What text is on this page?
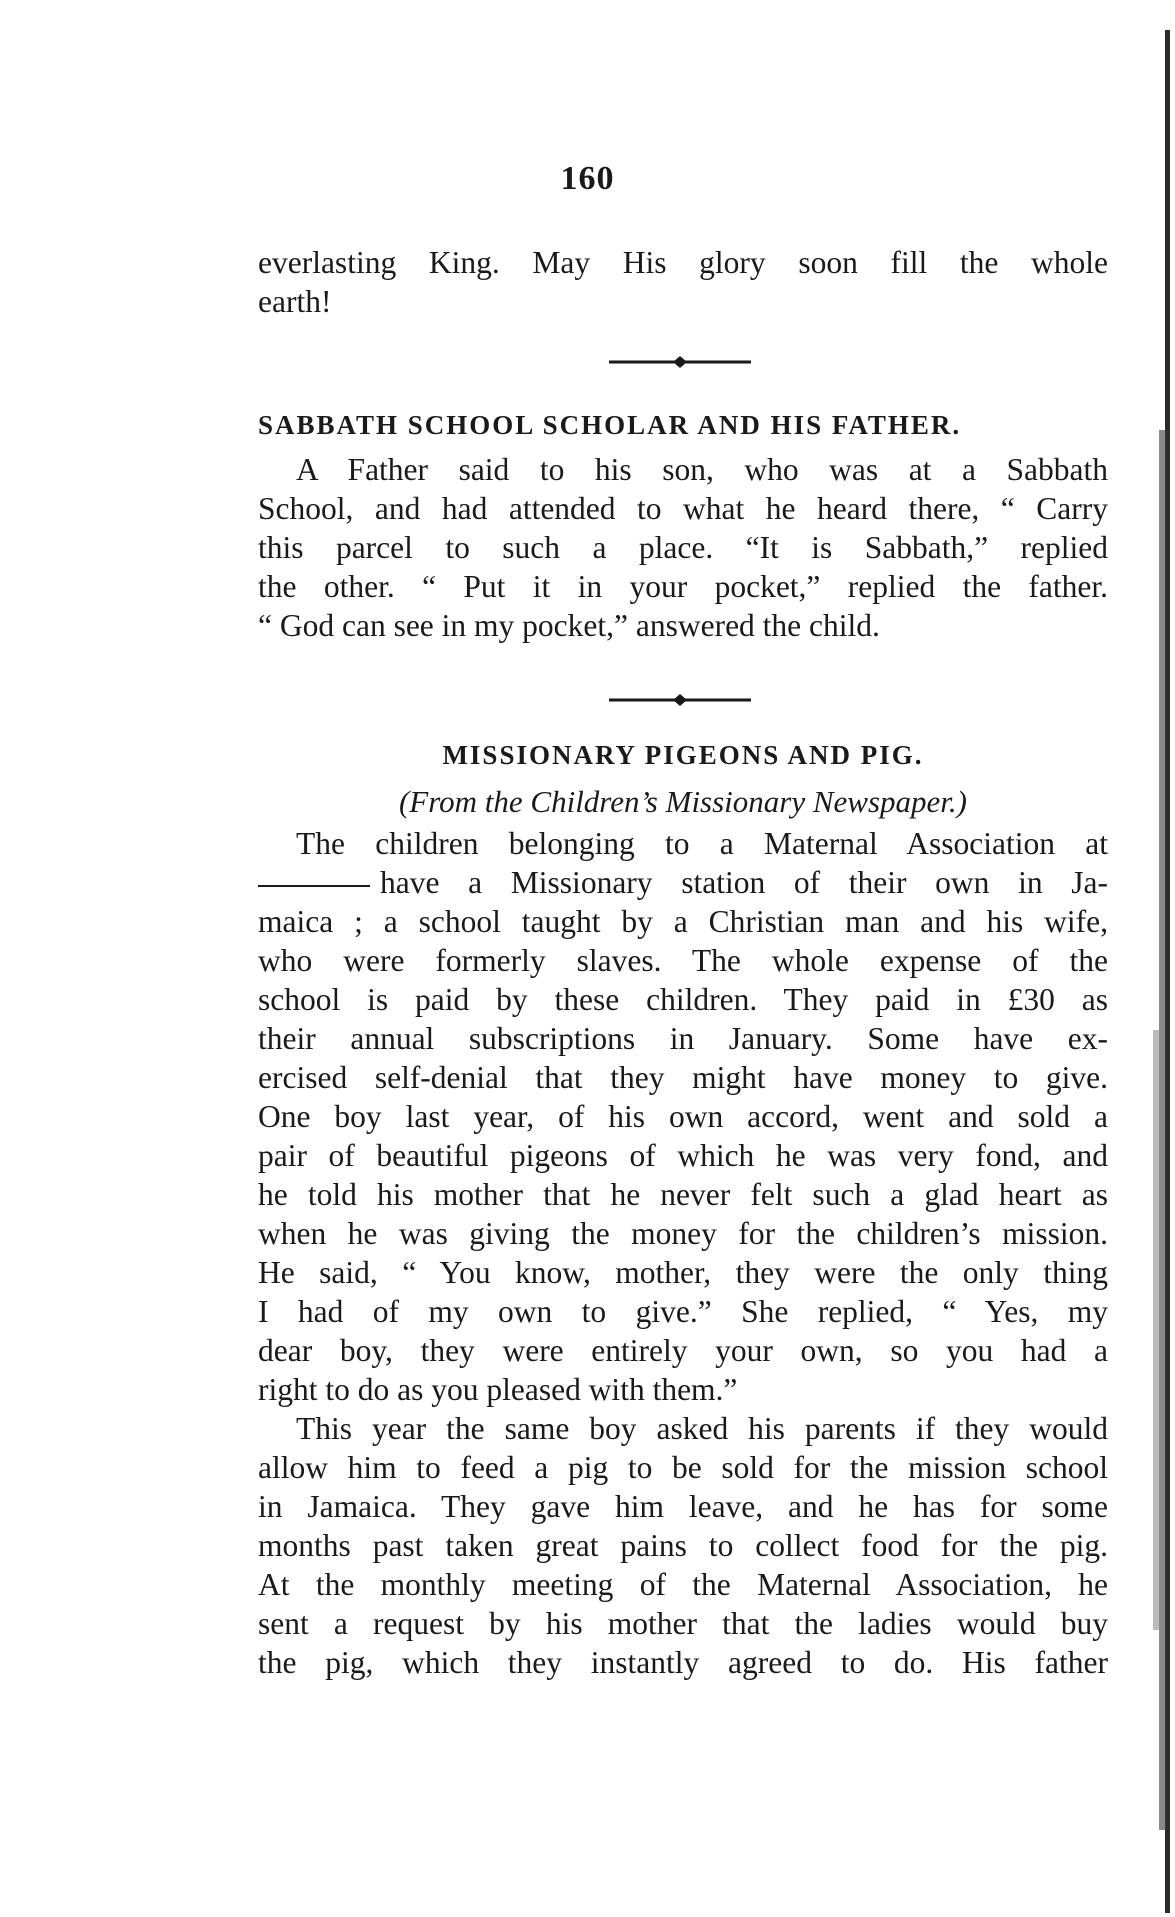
160
everlasting King. May His glory soon fill the whole
earth!
SABBATH SCHOOL SCHOLAR AND HIS FATHER.
A Father said to his son, who was at a Sabbath
School, and had attended to what he heard there, “ Carry
this parcel to such a place. “It is Sabbath,” replied
the other. “ Put it in your pocket,” replied the father.
“ God can see in my pocket,” answered the child.
MISSIONARY PIGEONS AND PIG.
(From the Children’s Missionary Newspaper.)
The children belonging to a Maternal Association at
have a Missionary station of their own in Ja-
maica ; a school taught by a Christian man and his wife,
who were formerly slaves. The whole expense of the
school is paid by these children. They paid in £30 as
their annual subscriptions in January. Some have ex-
ercised self-denial that they might have money to give.
One boy last year, of his own accord, went and sold a
pair of beautiful pigeons of which he was very fond, and
he told his mother that he never felt such a glad heart as
when he was giving the money for the children’s mission.
He said, “ You know, mother, they were the only thing
I had of my own to give.” She replied, “ Yes, my
dear boy, they were entirely your own, so you had a
right to do as you pleased with them.”
This year the same boy asked his parents if they would
allow him to feed a pig to be sold for the mission school
in Jamaica. They gave him leave, and he has for some
months past taken great pains to collect food for the pig.
At the monthly meeting of the Maternal Association, he
sent a request by his mother that the ladies would buy
the pig, which they instantly agreed to do. His father
